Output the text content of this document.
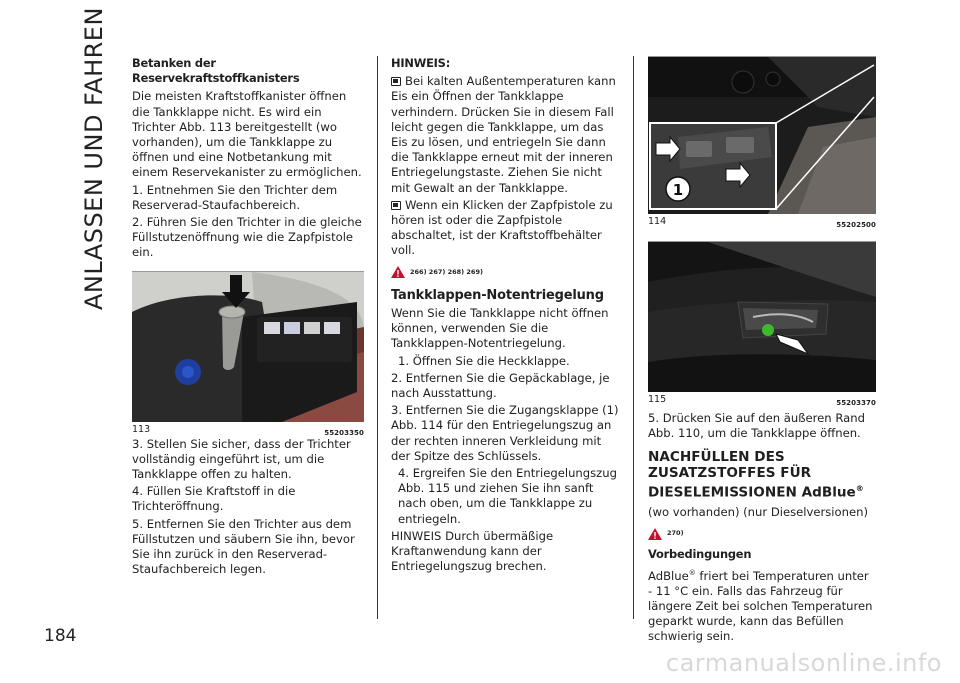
ANLASSEN UND FAHREN
184
Betanken der Reservekraftstoffkanisters

Die meisten Kraftstoffkanister öffnen die Tankklappe nicht. Es wird ein Trichter Abb. 113 bereitgestellt (wo vorhanden), um die Tankklappe zu öffnen und eine Notbetankung mit einem Reservekanister zu ermöglichen.

1. Entnehmen Sie den Trichter dem Reserverad-Staufachbereich.

2. Führen Sie den Trichter in die gleiche Füllstutzenöffnung wie die Zapfpistole ein.

113	55203350

3. Stellen Sie sicher, dass der Trichter vollständig eingeführt ist, um die Tankklappe offen zu halten.

4. Füllen Sie Kraftstoff in die Trichteröffnung.

5. Entfernen Sie den Trichter aus dem Füllstutzen und säubern Sie ihn, bevor Sie ihn zurück in den Reserverad-Staufachbereich legen.

HINWEIS:

Bei kalten Außentemperaturen kann Eis ein Öffnen der Tankklappe verhindern. Drücken Sie in diesem Fall leicht gegen die Tankklappe, um das Eis zu lösen, und entriegeln Sie dann die Tankklappe erneut mit der inneren Entriegelungstaste. Ziehen Sie nicht mit Gewalt an der Tankklappe.

Wenn ein Klicken der Zapfpistole zu hören ist oder die Zapfpistole abschaltet, ist der Kraftstoffbehälter voll.

266) 267) 268) 269)
Tankklappen-Notentriegelung

Wenn Sie die Tankklappe nicht öffnen können, verwenden Sie die Tankklappen-Notentriegelung.

1. Öffnen Sie die Heckklappe.

2. Entfernen Sie die Gepäckablage, je nach Ausstattung.

3. Entfernen Sie die Zugangsklappe (1) Abb. 114 für den Entriegelungszug an der rechten inneren Verkleidung mit der Spitze des Schlüssels.

4. Ergreifen Sie den Entriegelungszug Abb. 115 und ziehen Sie ihn sanft nach oben, um die Tankklappe zu entriegeln.

HINWEIS Durch übermäßige Kraftanwendung kann der Entriegelungszug brechen.

1
114	55202500
115	55203370

5. Drücken Sie auf den äußeren Rand Abb. 110, um die Tankklappe öffnen.

NACHFÜLLEN DES
ZUSATZSTOFFES FÜR
DIESELEMISSIONEN AdBlue®

(wo vorhanden) (nur Dieselversionen)

270)
Vorbedingungen

AdBlue® friert bei Temperaturen unter - 11 °C ein. Falls das Fahrzeug für längere Zeit bei solchen Temperaturen geparkt wurde, kann das Befüllen schwierig sein.

carmanualsonline.info
